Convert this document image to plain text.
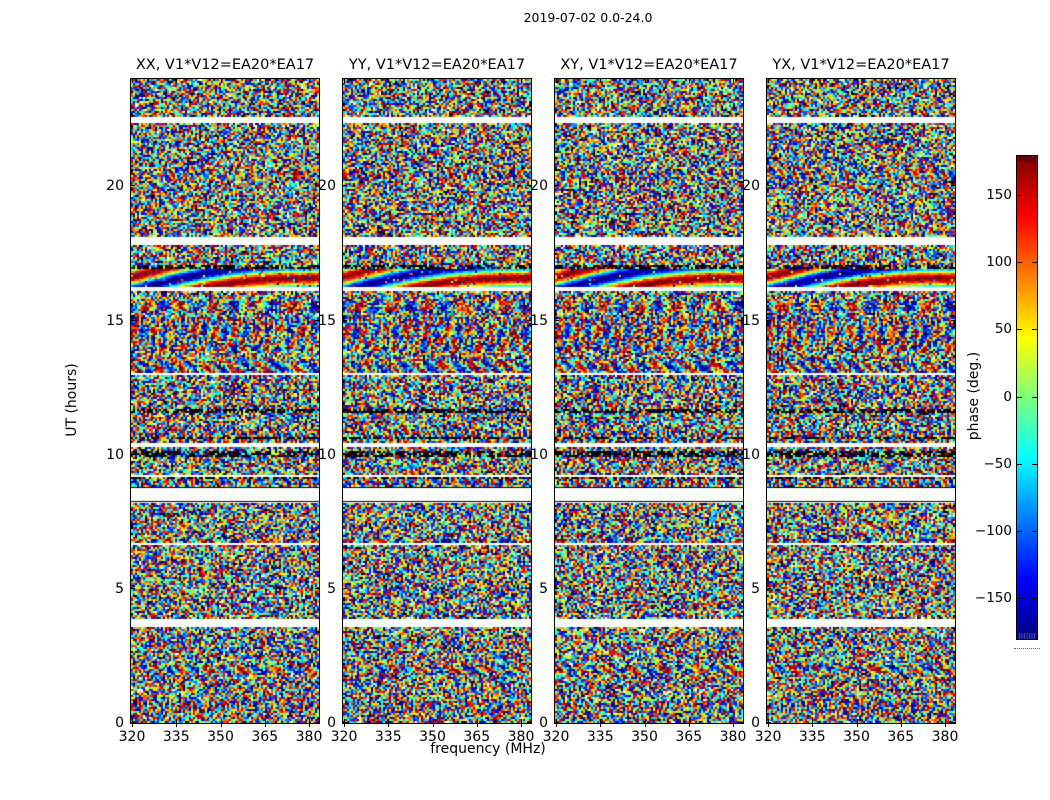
2019-07-02 0.0-24.0
XX, V1*V12=EA20*EA17
320	335	350	365	380
0
5
10
15
20
YY, V1*V12=EA20*EA17
320	335	350	365	380
0
5
10
15
20
XY, V1*V12=EA20*EA17
320	335	350	365	380
0
5
10
15
20
YX, V1*V12=EA20*EA17
320	335	350	365	380
0
5
10
15
20
frequency (MHz)
UT (hours)
150
100
50
0
−50
−100
−150
phase (deg.)
